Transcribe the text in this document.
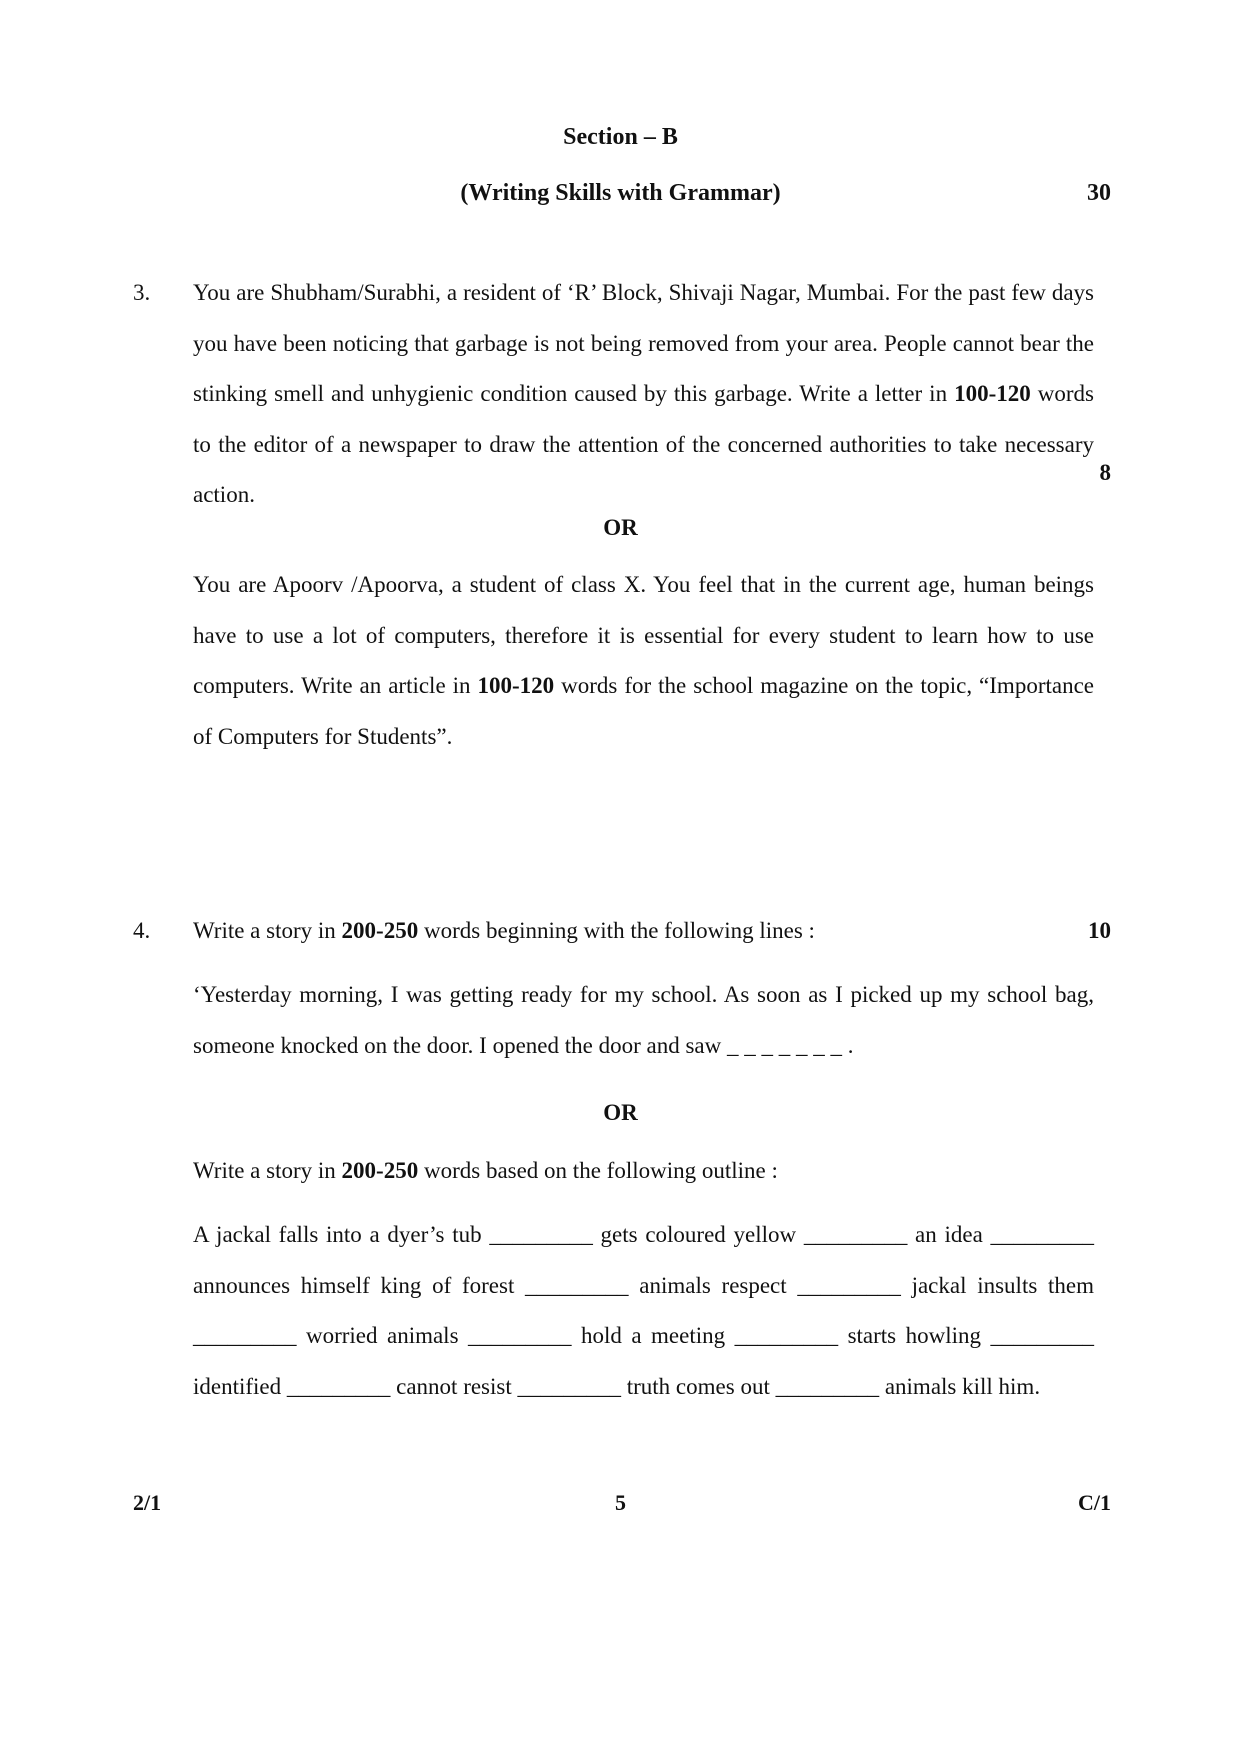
Section – B
(Writing Skills with Grammar)	30
3. You are Shubham/Surabhi, a resident of ‘R’ Block, Shivaji Nagar, Mumbai. For the past few days you have been noticing that garbage is not being removed from your area. People cannot bear the stinking smell and unhygienic condition caused by this garbage. Write a letter in 100-120 words to the editor of a newspaper to draw the attention of the concerned authorities to take necessary action.
8
OR
You are Apoorv /Apoorva, a student of class X. You feel that in the current age, human beings have to use a lot of computers, therefore it is essential for every student to learn how to use computers. Write an article in 100-120 words for the school magazine on the topic, “Importance of Computers for Students”.
4. Write a story in 200-250 words beginning with the following lines :	10
‘Yesterday morning, I was getting ready for my school. As soon as I picked up my school bag, someone knocked on the door. I opened the door and saw _ _ _ _ _ _ _ .
OR
Write a story in 200-250 words based on the following outline :
A jackal falls into a dyer’s tub _________ gets coloured yellow _________ an idea _________ announces himself king of forest _________ animals respect _________ jackal insults them _________ worried animals _________ hold a meeting _________ starts howling _________ identified _________ cannot resist _________ truth comes out _________ animals kill him.
2/1	5	C/1
